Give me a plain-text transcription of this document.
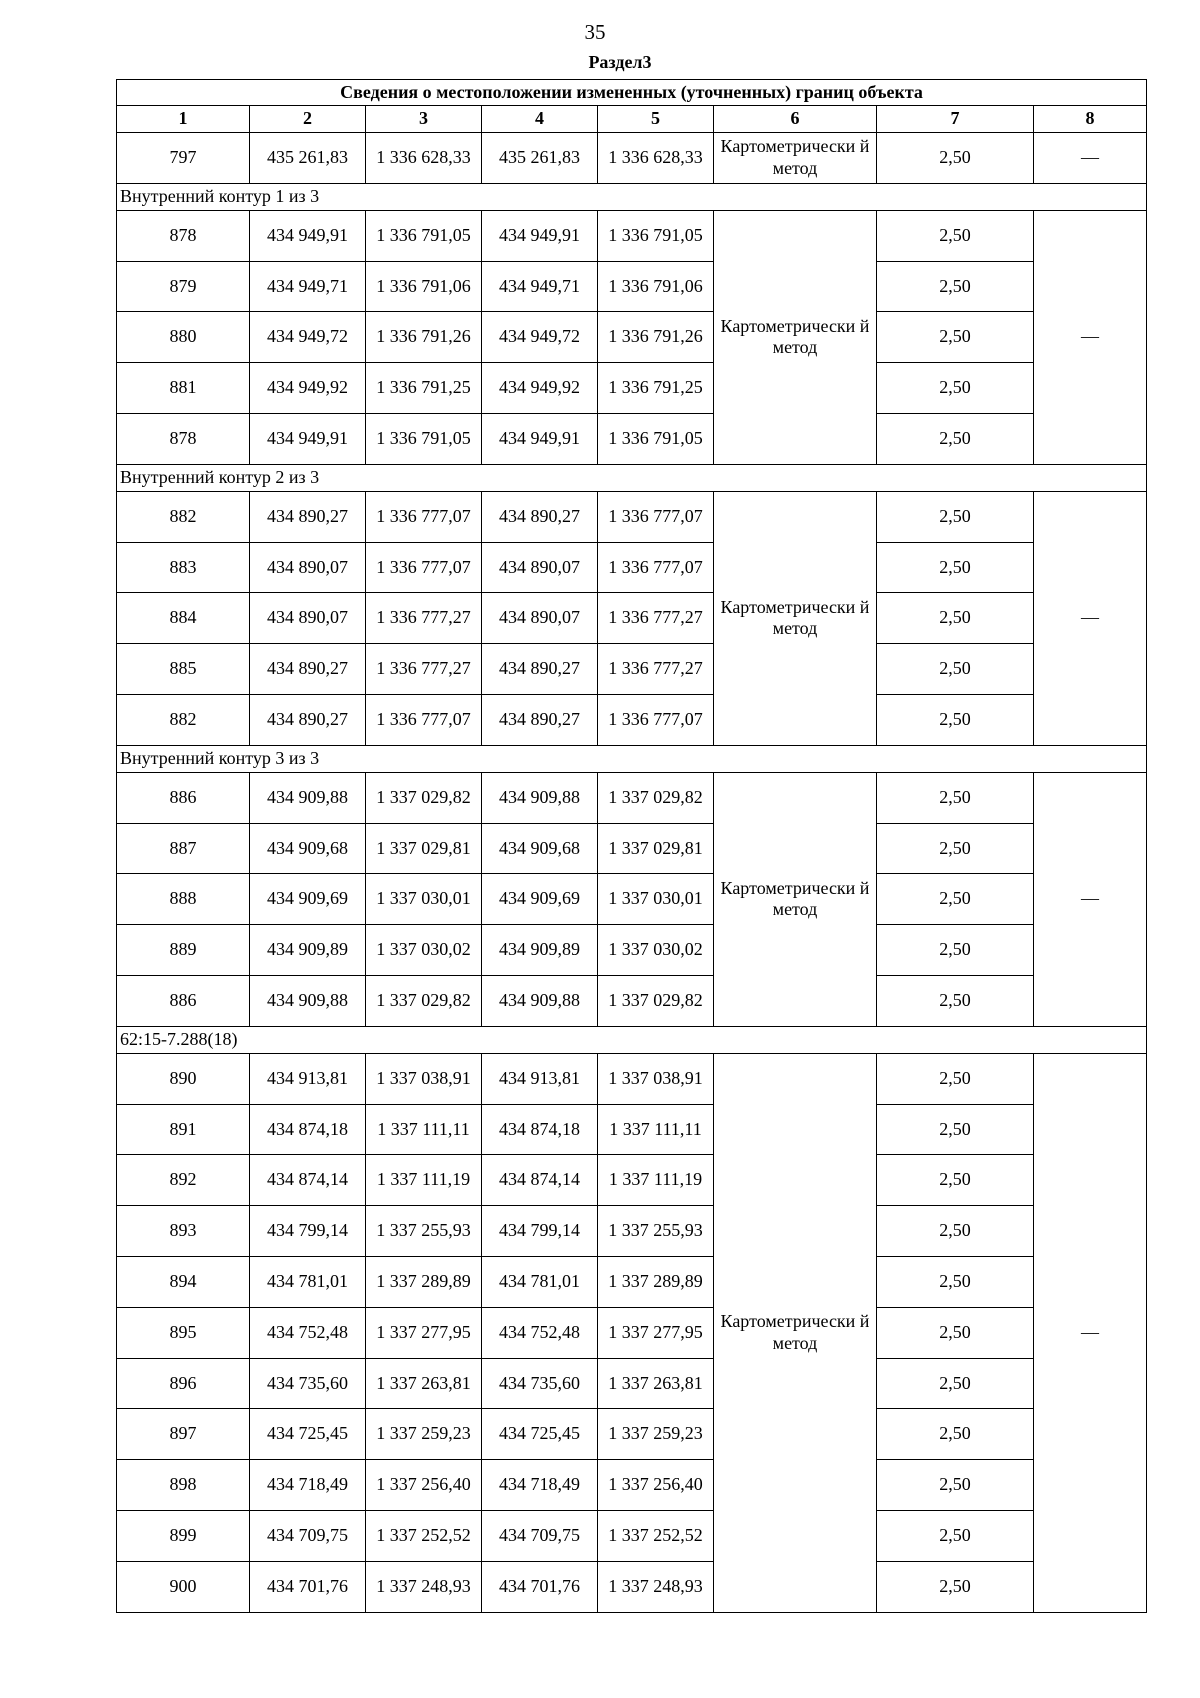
35
Раздел3
Сведения о местоположении измененных (уточненных) границ объекта							
1	2	3	4	5	6	7	8
797	435 261,83	1 336 628,33	435 261,83	1 336 628,33	Картометрически й метод	2,50	—
Внутренний контур 1 из 3							
878	434 949,91	1 336 791,05	434 949,91	1 336 791,05	Картометрически й метод	2,50	—
879	434 949,71	1 336 791,06	434 949,71	1 336 791,06		2,50	
880	434 949,72	1 336 791,26	434 949,72	1 336 791,26		2,50	
881	434 949,92	1 336 791,25	434 949,92	1 336 791,25		2,50	
878	434 949,91	1 336 791,05	434 949,91	1 336 791,05		2,50	
Внутренний контур 2 из 3							
882	434 890,27	1 336 777,07	434 890,27	1 336 777,07	Картометрически й метод	2,50	—
883	434 890,07	1 336 777,07	434 890,07	1 336 777,07		2,50	
884	434 890,07	1 336 777,27	434 890,07	1 336 777,27		2,50	
885	434 890,27	1 336 777,27	434 890,27	1 336 777,27		2,50	
882	434 890,27	1 336 777,07	434 890,27	1 336 777,07		2,50	
Внутренний контур 3 из 3							
886	434 909,88	1 337 029,82	434 909,88	1 337 029,82	Картометрически й метод	2,50	—
887	434 909,68	1 337 029,81	434 909,68	1 337 029,81		2,50	
888	434 909,69	1 337 030,01	434 909,69	1 337 030,01		2,50	
889	434 909,89	1 337 030,02	434 909,89	1 337 030,02		2,50	
886	434 909,88	1 337 029,82	434 909,88	1 337 029,82		2,50	
62:15-7.288(18)							
890	434 913,81	1 337 038,91	434 913,81	1 337 038,91	Картометрически й метод	2,50	—
891	434 874,18	1 337 111,11	434 874,18	1 337 111,11		2,50	
892	434 874,14	1 337 111,19	434 874,14	1 337 111,19		2,50	
893	434 799,14	1 337 255,93	434 799,14	1 337 255,93		2,50	
894	434 781,01	1 337 289,89	434 781,01	1 337 289,89		2,50	
895	434 752,48	1 337 277,95	434 752,48	1 337 277,95		2,50	
896	434 735,60	1 337 263,81	434 735,60	1 337 263,81		2,50	
897	434 725,45	1 337 259,23	434 725,45	1 337 259,23		2,50	
898	434 718,49	1 337 256,40	434 718,49	1 337 256,40		2,50	
899	434 709,75	1 337 252,52	434 709,75	1 337 252,52		2,50	
900	434 701,76	1 337 248,93	434 701,76	1 337 248,93		2,50	
